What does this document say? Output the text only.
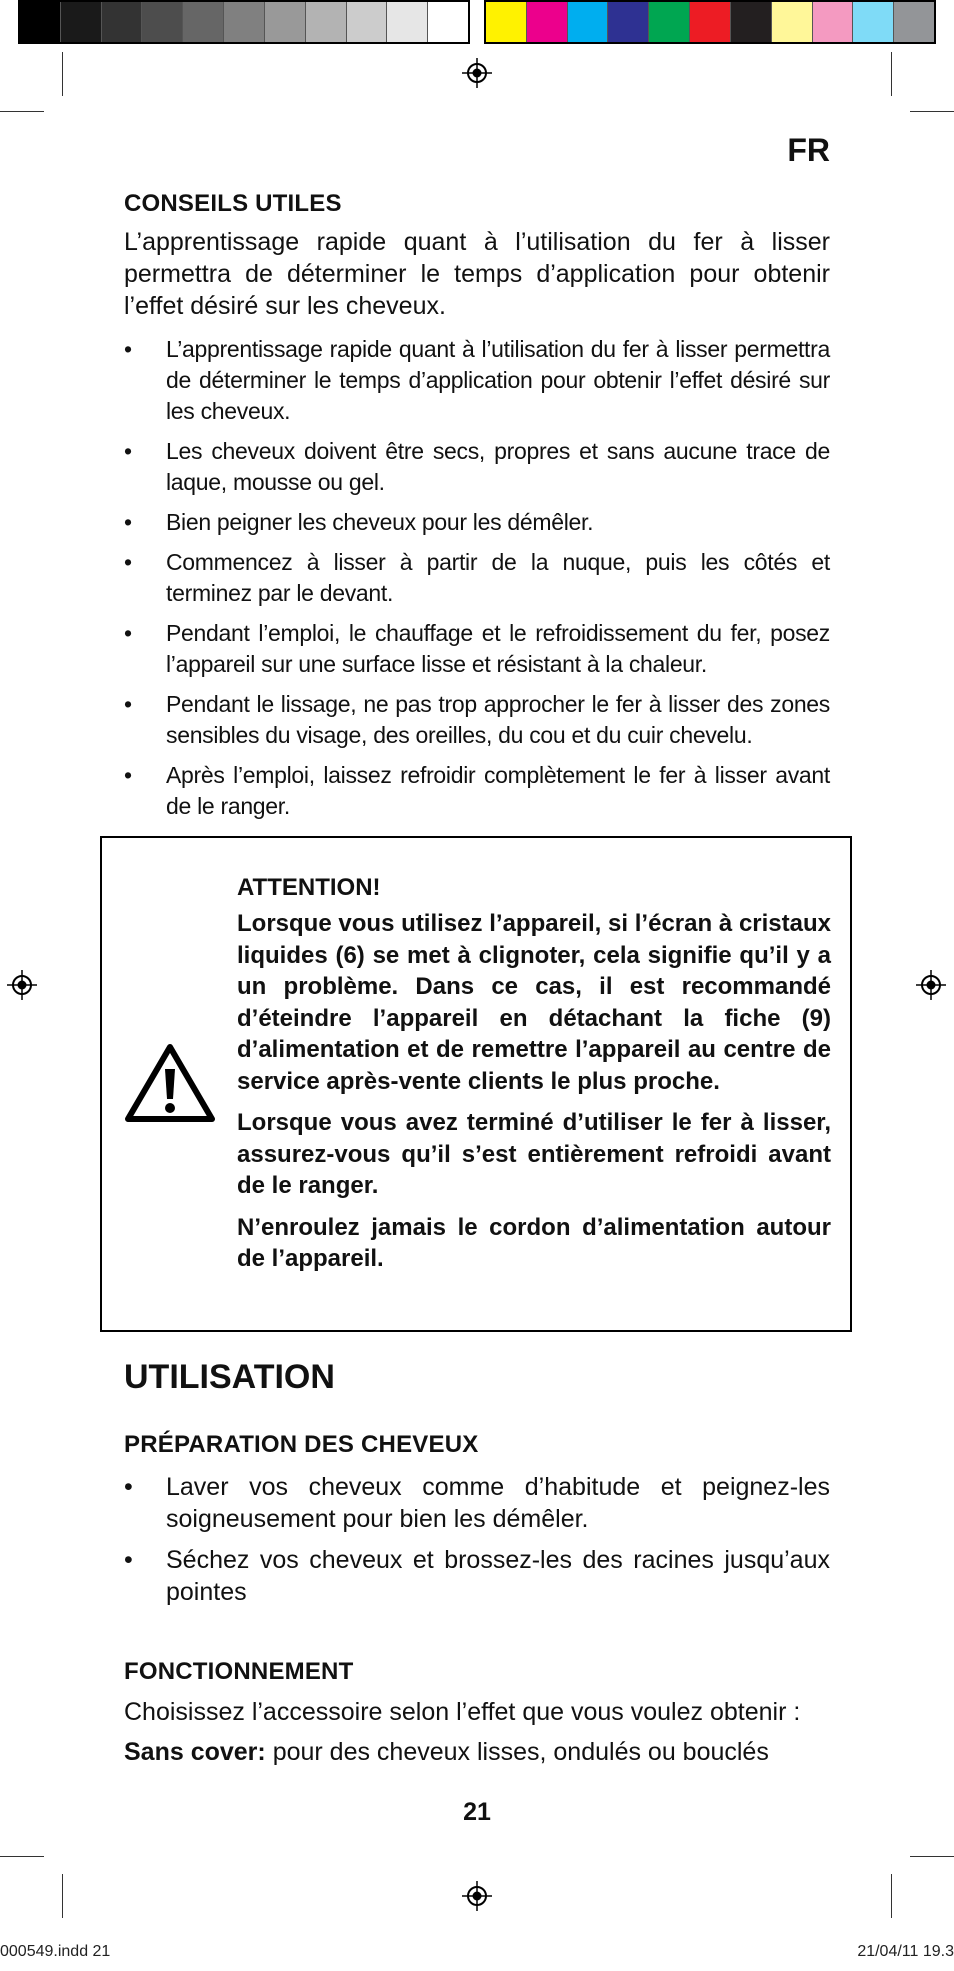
FR

CONSEILS UTILES

L’apprentissage rapide quant à l’utilisation du fer à lisser permettra de déterminer le temps d’application pour obtenir l’effet désiré sur les cheveux.

• L’apprentissage rapide quant à l’utilisation du fer à lisser permettra de déterminer le temps d’application pour obtenir l’effet désiré sur les cheveux.
• Les cheveux doivent être secs, propres et sans aucune trace de laque, mousse ou gel.
• Bien peigner les cheveux pour les démêler.
• Commencez à lisser à partir de la nuque, puis les côtés et terminez par le devant.
• Pendant l’emploi, le chauffage et le refroidissement du fer, posez l’appareil sur une surface lisse et résistant à la chaleur.
• Pendant le lissage, ne pas trop approcher le fer à lisser des zones sensibles du visage, des oreilles, du cou et du cuir chevelu.
• Après l’emploi, laissez refroidir complètement le fer à lisser avant de le ranger.

ATTENTION!

Lorsque vous utilisez l’appareil, si l’écran à cristaux liquides (6) se met à clignoter, cela signifie qu’il y a un problème. Dans ce cas, il est recommandé d’éteindre l’appareil en détachant la fiche (9) d’alimentation et de remettre l’appareil au centre de service après-vente clients le plus proche.

Lorsque vous avez terminé d’utiliser le fer à lisser, assurez-vous qu’il s’est entièrement refroidi avant de le ranger.

N’enroulez jamais le cordon d’alimentation autour de l’appareil.

UTILISATION

PRÉPARATION DES CHEVEUX

• Laver vos cheveux comme d’habitude et peignez-les soigneusement pour bien les démêler.
• Séchez vos cheveux et brossez-les des racines jusqu’aux pointes

FONCTIONNEMENT

Choisissez l’accessoire selon l’effet que vous voulez obtenir :

Sans cover: pour des cheveux lisses, ondulés ou bouclés

21
000549.indd 21	21/04/11 19.3
